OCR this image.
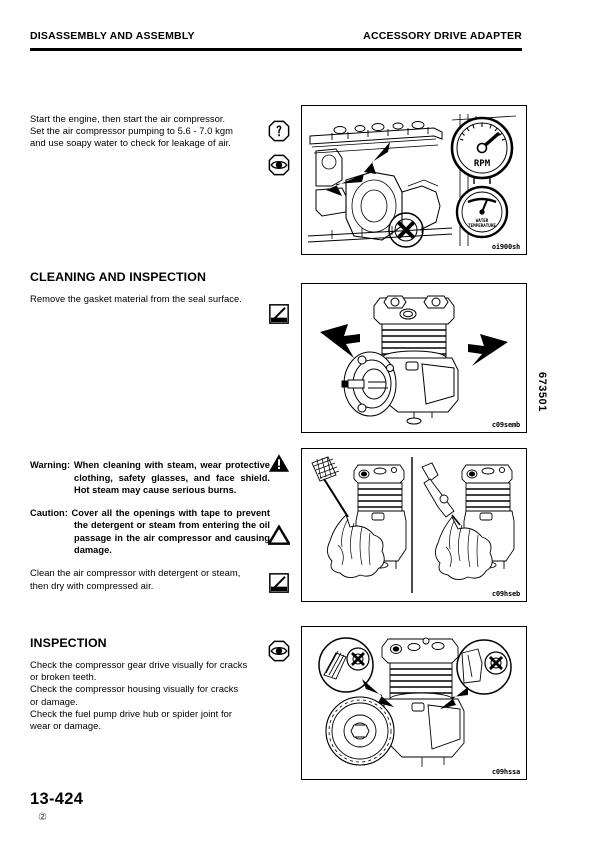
DISASSEMBLY AND ASSEMBLY	ACCESSORY DRIVE ADAPTER
673501

Start the engine, then start the air compressor.

Set the air compressor pumping to 5.6 - 7.0 kgm

and use soapy water to check for leakage of air.

RPM
WATER
TEMPERATURE
oi900sh
CLEANING AND INSPECTION

Remove the gasket material from the seal surface.

c09semb

Warning: When cleaning with steam, wear protective clothing, safety glasses, and face shield. Hot steam may cause serious burns.

Caution: Cover all the openings with tape to prevent the detergent or steam from entering the oil passage in the air compressor and causing damage.

Clean the air compressor with detergent or steam,

then dry with compressed air.

c09hseb
INSPECTION

Check the compressor gear drive visually for cracks

or broken teeth.

Check the compressor housing visually for cracks

or damage.

Check the fuel pump drive hub or spider joint for

wear or damage.

c09hssa
13-424
②
